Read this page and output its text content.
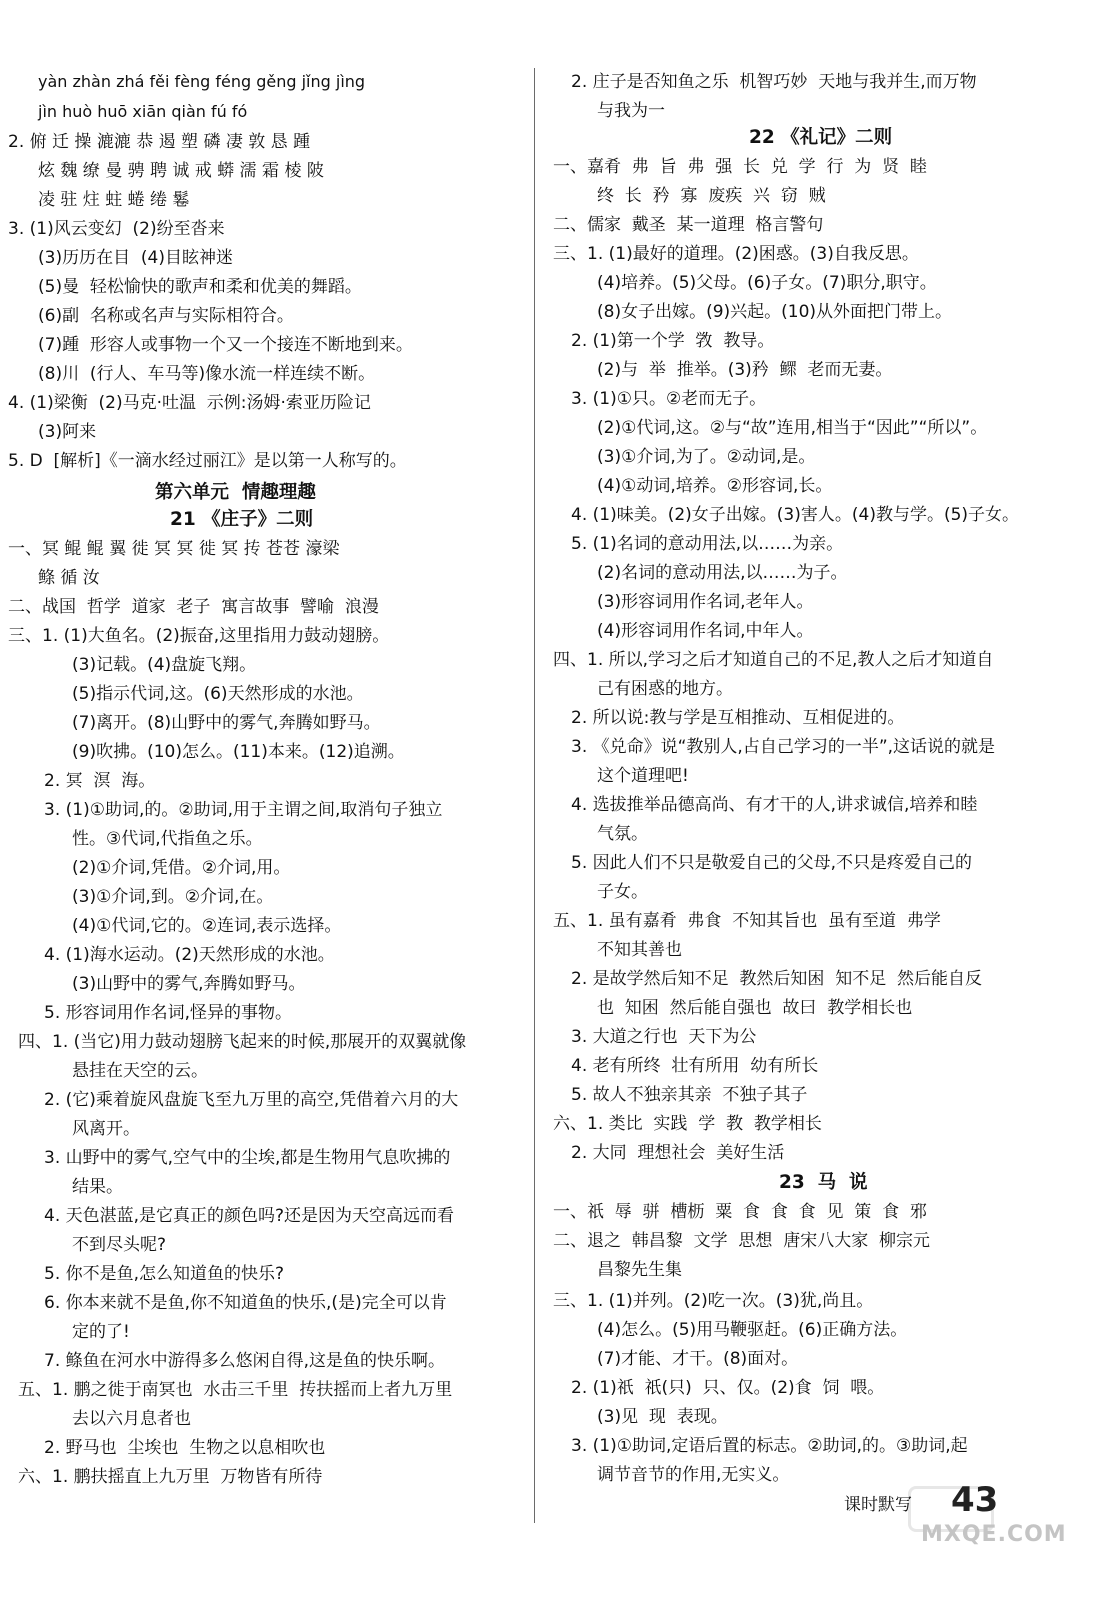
yàn zhàn zhá fěi fèng féng gěng jǐng jìng
jìn huò huō xiān qiàn fú fó
2. 俯 迁 操 漉漉 恭 遏 塑 磷 凄 敦 恳 踵
炫 魏 缭 曼 骋 聘 诚 戒 蟒 濡 霜 棱 陂
凌 驻 炷 蛀 蜷 绻 鬈
3. (1)风云变幻  (2)纷至沓来
(3)历历在目  (4)目眩神迷
(5)曼  轻松愉快的歌声和柔和优美的舞蹈。
(6)副  名称或名声与实际相符合。
(7)踵  形容人或事物一个又一个接连不断地到来。
(8)川  (行人、车马等)像水流一样连续不断。
4. (1)梁衡  (2)马克·吐温  示例:汤姆·索亚历险记
(3)阿来
5. D  [解析]《一滴水经过丽江》是以第一人称写的。
第六单元  情趣理趣
21 《庄子》二则
一、冥 鲲 鲲 翼 徙 冥 冥 徙 冥 抟 苍苍 濠梁
鲦 循 汝
二、战国  哲学  道家  老子  寓言故事  譬喻  浪漫
三、1. (1)大鱼名。(2)振奋,这里指用力鼓动翅膀。
(3)记载。(4)盘旋飞翔。
(5)指示代词,这。(6)天然形成的水池。
(7)离开。(8)山野中的雾气,奔腾如野马。
(9)吹拂。(10)怎么。(11)本来。(12)追溯。
2. 冥  溟  海。
3. (1)①助词,的。②助词,用于主谓之间,取消句子独立
性。③代词,代指鱼之乐。
(2)①介词,凭借。②介词,用。
(3)①介词,到。②介词,在。
(4)①代词,它的。②连词,表示选择。
4. (1)海水运动。(2)天然形成的水池。
(3)山野中的雾气,奔腾如野马。
5. 形容词用作名词,怪异的事物。
四、1. (当它)用力鼓动翅膀飞起来的时候,那展开的双翼就像
悬挂在天空的云。
2. (它)乘着旋风盘旋飞至九万里的高空,凭借着六月的大
风离开。
3. 山野中的雾气,空气中的尘埃,都是生物用气息吹拂的
结果。
4. 天色湛蓝,是它真正的颜色吗?还是因为天空高远而看
不到尽头呢?
5. 你不是鱼,怎么知道鱼的快乐?
6. 你本来就不是鱼,你不知道鱼的快乐,(是)完全可以肯
定的了!
7. 鲦鱼在河水中游得多么悠闲自得,这是鱼的快乐啊。
五、1. 鹏之徙于南冥也  水击三千里  抟扶摇而上者九万里
去以六月息者也
2. 野马也  尘埃也  生物之以息相吹也
六、1. 鹏扶摇直上九万里  万物皆有所待
2. 庄子是否知鱼之乐  机智巧妙  天地与我并生,而万物
与我为一
22 《礼记》二则
一、嘉肴  弗  旨  弗  强  长  兑  学  行  为  贤  睦
终  长  矜  寡  废疾  兴  窃  贼
二、儒家  戴圣  某一道理  格言警句
三、1. (1)最好的道理。(2)困惑。(3)自我反思。
(4)培养。(5)父母。(6)子女。(7)职分,职守。
(8)女子出嫁。(9)兴起。(10)从外面把门带上。
2. (1)第一个学  敩  教导。
(2)与  举  推举。(3)矜  鳏  老而无妻。
3. (1)①只。②老而无子。
(2)①代词,这。②与“故”连用,相当于“因此”“所以”。
(3)①介词,为了。②动词,是。
(4)①动词,培养。②形容词,长。
4. (1)味美。(2)女子出嫁。(3)害人。(4)教与学。(5)子女。
5. (1)名词的意动用法,以……为亲。
(2)名词的意动用法,以……为子。
(3)形容词用作名词,老年人。
(4)形容词用作名词,中年人。
四、1. 所以,学习之后才知道自己的不足,教人之后才知道自
己有困惑的地方。
2. 所以说:教与学是互相推动、互相促进的。
3. 《兑命》说“教别人,占自己学习的一半”,这话说的就是
这个道理吧!
4. 选拔推举品德高尚、有才干的人,讲求诚信,培养和睦
气氛。
5. 因此人们不只是敬爱自己的父母,不只是疼爱自己的
子女。
五、1. 虽有嘉肴  弗食  不知其旨也  虽有至道  弗学
不知其善也
2. 是故学然后知不足  教然后知困  知不足  然后能自反
也  知困  然后能自强也  故曰  教学相长也
3. 大道之行也  天下为公
4. 老有所终  壮有所用  幼有所长
5. 故人不独亲其亲  不独子其子
六、1. 类比  实践  学  教  教学相长
2. 大同  理想社会  美好生活
23  马  说
一、祇  辱  骈  槽枥  粟  食  食  食  见  策  食  邪
二、退之  韩昌黎  文学  思想  唐宋八大家  柳宗元
昌黎先生集
三、1. (1)并列。(2)吃一次。(3)犹,尚且。
(4)怎么。(5)用马鞭驱赶。(6)正确方法。
(7)才能、才干。(8)面对。
2. (1)祇  祇(只)  只、仅。(2)食  饲  喂。
(3)见  现  表现。
3. (1)①助词,定语后置的标志。②助词,的。③助词,起
调节音节的作用,无实义。
课时默写 43
MXQE.COM
